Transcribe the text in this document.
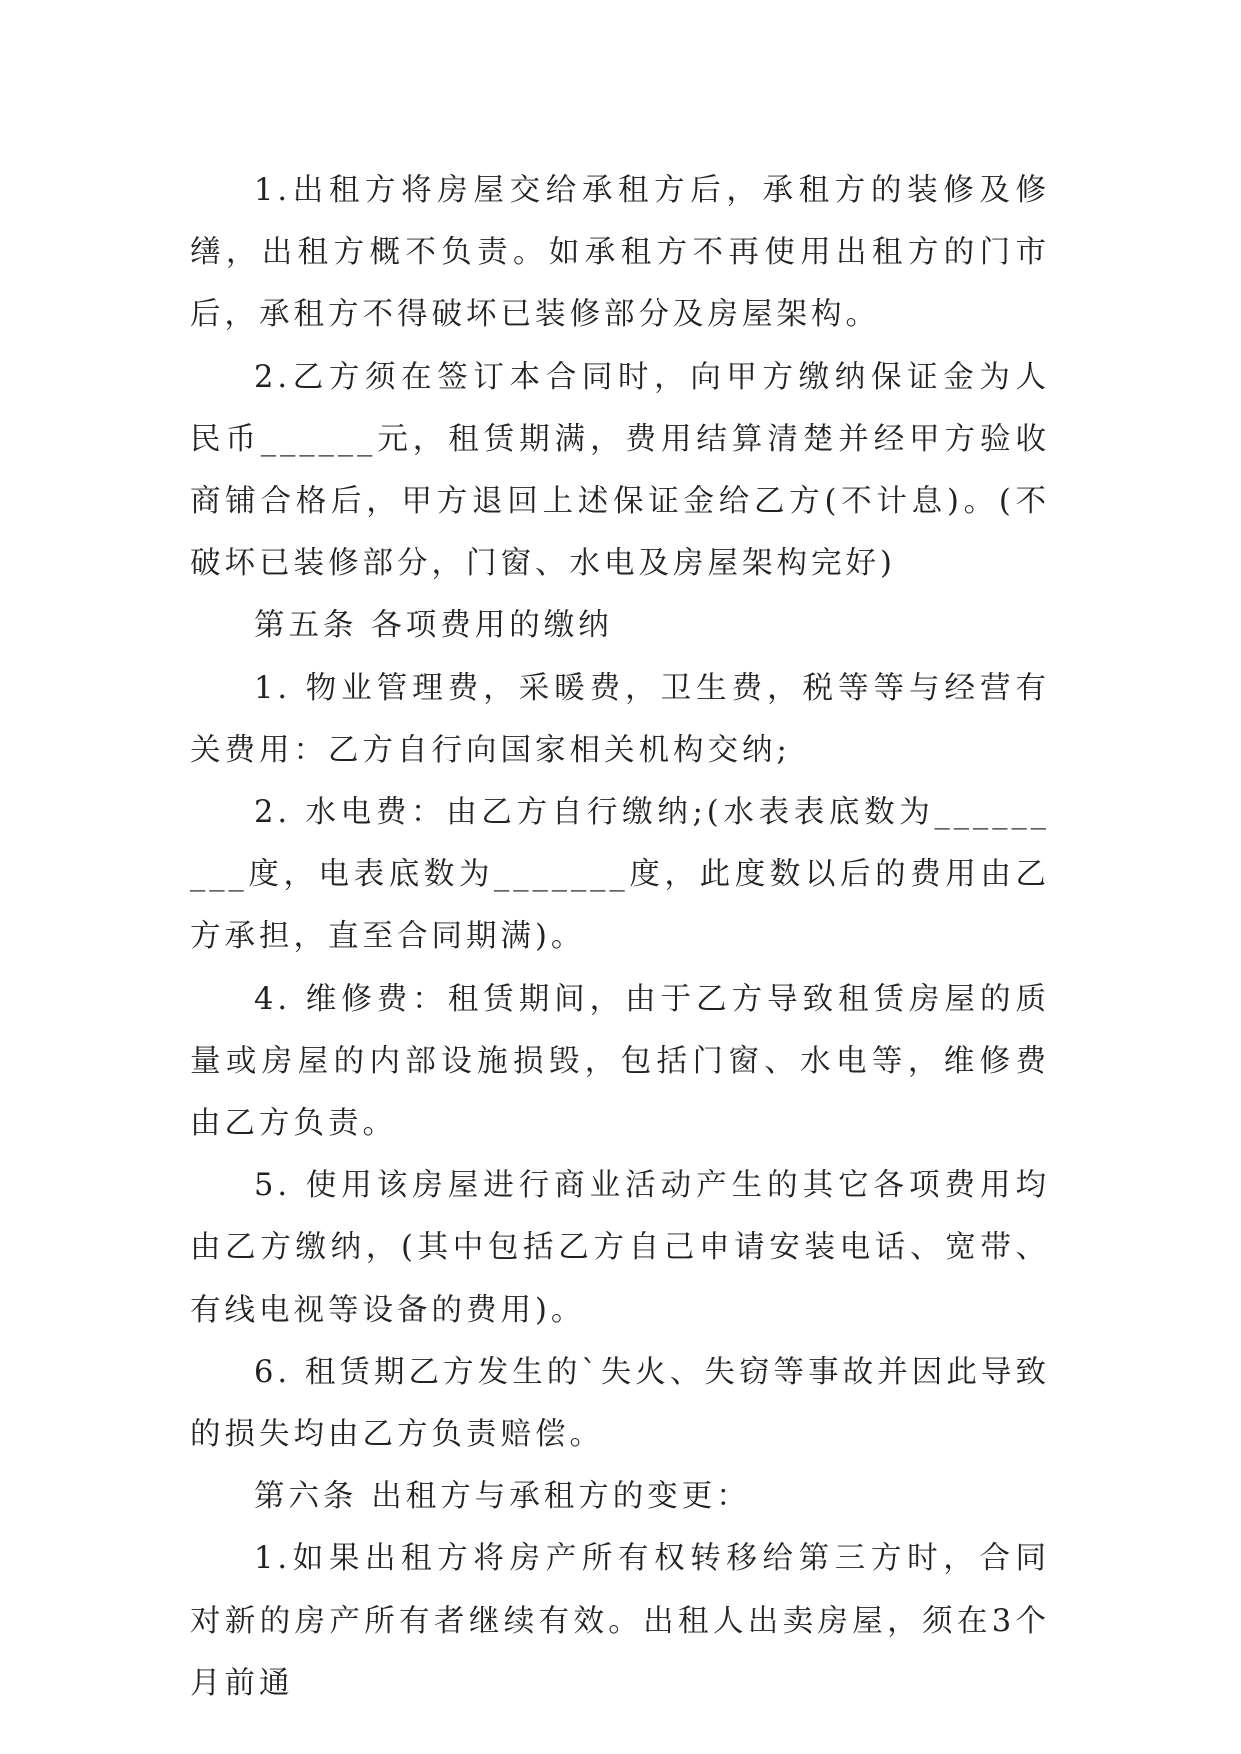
1.出租方将房屋交给承租方后，承租方的装修及修缮，出租方概不负责。如承租方不再使用出租方的门市后，承租方不得破坏已装修部分及房屋架构。

2.乙方须在签订本合同时，向甲方缴纳保证金为人民币______元，租赁期满，费用结算清楚并经甲方验收商铺合格后，甲方退回上述保证金给乙方(不计息)。(不破坏已装修部分，门窗、水电及房屋架构完好)

第五条 各项费用的缴纳

1. 物业管理费，采暖费，卫生费，税等等与经营有关费用：乙方自行向国家相关机构交纳;

2. 水电费：由乙方自行缴纳;(水表表底数为_________度，电表底数为_______度，此度数以后的费用由乙方承担，直至合同期满)。

4. 维修费：租赁期间，由于乙方导致租赁房屋的质量或房屋的内部设施损毁，包括门窗、水电等，维修费由乙方负责。

5. 使用该房屋进行商业活动产生的其它各项费用均由乙方缴纳，(其中包括乙方自己申请安装电话、宽带、有线电视等设备的费用)。

6. 租赁期乙方发生的`失火、失窃等事故并因此导致的损失均由乙方负责赔偿。

第六条 出租方与承租方的变更：

1.如果出租方将房产所有权转移给第三方时，合同对新的房产所有者继续有效。出租人出卖房屋，须在3个月前通
